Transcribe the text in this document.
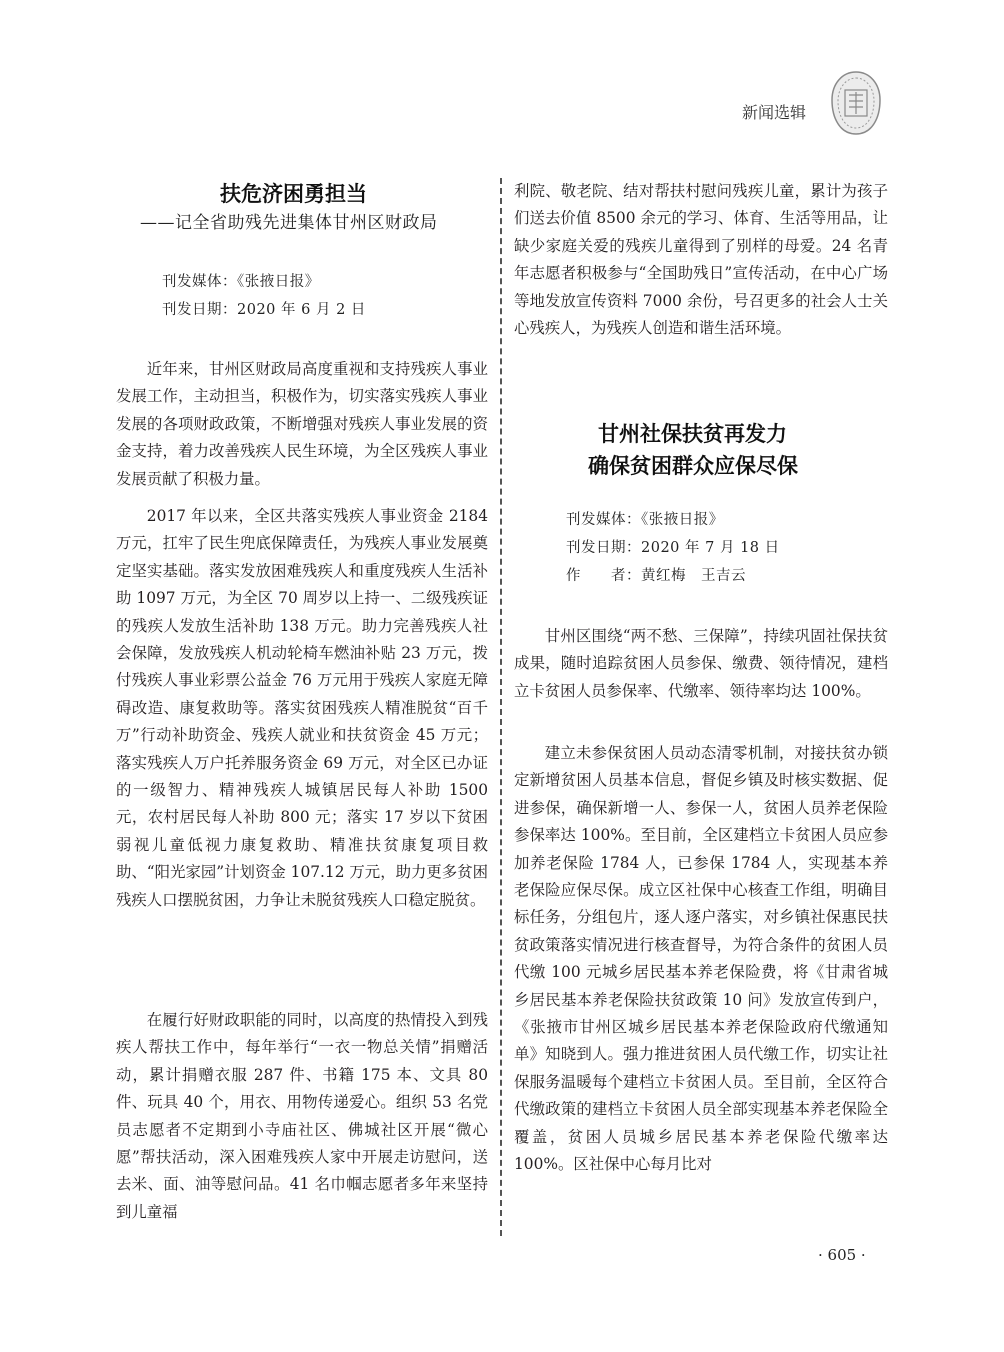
新闻选辑
扶危济困勇担当
——记全省助残先进集体甘州区财政局
刊发媒体：《张掖日报》
刊发日期：2020 年 6 月 2 日

近年来，甘州区财政局高度重视和支持残疾人事业发展工作，主动担当，积极作为，切实落实残疾人事业发展的各项财政政策，不断增强对残疾人事业发展的资金支持，着力改善残疾人民生环境，为全区残疾人事业发展贡献了积极力量。

2017 年以来，全区共落实残疾人事业资金 2184 万元，扛牢了民生兜底保障责任，为残疾人事业发展奠定坚实基础。落实发放困难残疾人和重度残疾人生活补助 1097 万元，为全区 70 周岁以上持一、二级残疾证的残疾人发放生活补助 138 万元。助力完善残疾人社会保障，发放残疾人机动轮椅车燃油补贴 23 万元，拨付残疾人事业彩票公益金 76 万元用于残疾人家庭无障碍改造、康复救助等。落实贫困残疾人精准脱贫“百千万”行动补助资金、残疾人就业和扶贫资金 45 万元；落实残疾人万户托养服务资金 69 万元，对全区已办证的一级智力、精神残疾人城镇居民每人补助 1500 元，农村居民每人补助 800 元；落实 17 岁以下贫困弱视儿童低视力康复救助、精准扶贫康复项目救助、“阳光家园”计划资金 107.12 万元，助力更多贫困残疾人口摆脱贫困，力争让未脱贫残疾人口稳定脱贫。

在履行好财政职能的同时，以高度的热情投入到残疾人帮扶工作中，每年举行“一衣一物总关情”捐赠活动，累计捐赠衣服 287 件、书籍 175 本、文具 80 件、玩具 40 个，用衣、用物传递爱心。组织 53 名党员志愿者不定期到小寺庙社区、佛城社区开展“微心愿”帮扶活动，深入困难残疾人家中开展走访慰问，送去米、面、油等慰问品。41 名巾帼志愿者多年来坚持到儿童福

利院、敬老院、结对帮扶村慰问残疾儿童，累计为孩子们送去价值 8500 余元的学习、体育、生活等用品，让缺少家庭关爱的残疾儿童得到了别样的母爱。24 名青年志愿者积极参与“全国助残日”宣传活动，在中心广场等地发放宣传资料 7000 余份，号召更多的社会人士关心残疾人，为残疾人创造和谐生活环境。

甘州社保扶贫再发力
确保贫困群众应保尽保
刊发媒体：《张掖日报》
刊发日期：2020 年 7 月 18 日
作　　者：黄红梅　王吉云

甘州区围绕“两不愁、三保障”，持续巩固社保扶贫成果，随时追踪贫困人员参保、缴费、领待情况，建档立卡贫困人员参保率、代缴率、领待率均达 100%。

建立未参保贫困人员动态清零机制，对接扶贫办锁定新增贫困人员基本信息，督促乡镇及时核实数据、促进参保，确保新增一人、参保一人，贫困人员养老保险参保率达 100%。至目前，全区建档立卡贫困人员应参加养老保险 1784 人，已参保 1784 人，实现基本养老保险应保尽保。成立区社保中心核查工作组，明确目标任务，分组包片，逐人逐户落实，对乡镇社保惠民扶贫政策落实情况进行核查督导，为符合条件的贫困人员代缴 100 元城乡居民基本养老保险费，将《甘肃省城乡居民基本养老保险扶贫政策 10 问》发放宣传到户，《张掖市甘州区城乡居民基本养老保险政府代缴通知单》知晓到人。强力推进贫困人员代缴工作，切实让社保服务温暖每个建档立卡贫困人员。至目前，全区符合代缴政策的建档立卡贫困人员全部实现基本养老保险全覆盖，贫困人员城乡居民基本养老保险代缴率达 100%。区社保中心每月比对

· 605 ·
